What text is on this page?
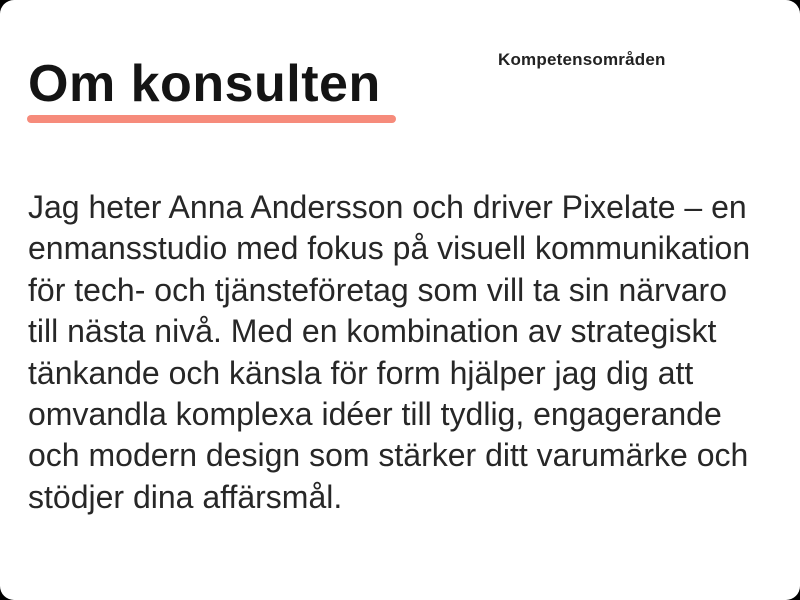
Om konsulten	Kompetensområden

Jag heter Anna Andersson och driver Pixelate – en
enmansstudio med fokus på visuell kommunikation
för tech- och tjänsteföretag som vill ta sin närvaro
till nästa nivå. Med en kombination av strategiskt
tänkande och känsla för form hjälper jag dig att
omvandla komplexa idéer till tydlig, engagerande
och modern design som stärker ditt varumärke och
stödjer dina affärsmål.
